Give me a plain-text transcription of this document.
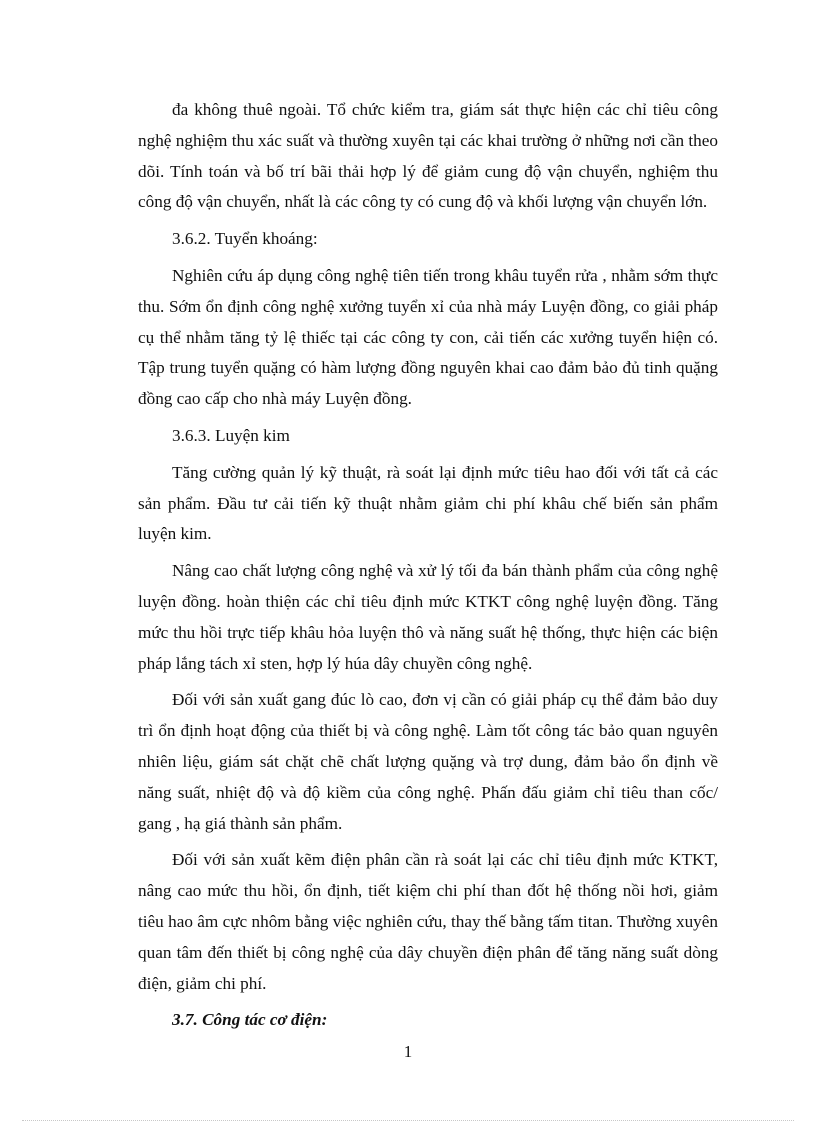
đa không thuê ngoài. Tổ chức kiểm tra, giám sát thực hiện các chỉ tiêu công nghệ nghiệm thu xác suất và thường xuyên tại các khai trường ở những nơi cần theo dõi. Tính toán và bố trí bãi thải hợp lý để giảm cung độ vận chuyển, nghiệm thu công độ vận chuyển, nhất là các công ty có cung độ và khối lượng vận chuyển lớn.

3.6.2. Tuyển khoáng:

Nghiên cứu áp dụng công nghệ tiên tiến trong khâu tuyển rửa , nhằm sớm thực thu. Sớm ổn định công nghệ xưởng tuyển xỉ của nhà máy Luyện đồng, co giải pháp cụ thể nhằm tăng tỷ lệ thiếc tại các công ty con, cải tiến các xưởng tuyển hiện có. Tập trung tuyển quặng có hàm lượng đồng nguyên khai cao đảm bảo đủ tinh quặng đồng cao cấp cho nhà máy Luyện đồng.

3.6.3. Luyện kim

Tăng cường quản lý kỹ thuật, rà soát lại định mức tiêu hao đối với tất cả các sản phẩm. Đầu tư cải tiến kỹ thuật nhằm giảm chi phí khâu chế biến sản phẩm luyện kim.

Nâng cao chất lượng công nghệ và xử lý tối đa bán thành phẩm của công nghệ luyện đồng. hoàn thiện các chỉ tiêu định mức KTKT công nghệ luyện đồng. Tăng mức thu hồi trực tiếp khâu hỏa luyện thô và năng suất hệ thống, thực hiện các biện pháp lắng tách xỉ sten, hợp lý húa dây chuyền công nghệ.

Đối với sản xuất gang đúc lò cao, đơn vị cần có giải pháp cụ thể đảm bảo duy trì ổn định hoạt động của thiết bị và công nghệ. Làm tốt công tác bảo quan nguyên nhiên liệu, giám sát chặt chẽ chất lượng quặng và trợ dung, đảm bảo ổn định về năng suất, nhiệt độ và độ kiềm của công nghệ. Phấn đấu giảm chỉ tiêu than cốc/ gang , hạ giá thành sản phẩm.

Đối với sản xuất kẽm điện phân cần rà soát lại các chỉ tiêu định mức KTKT, nâng cao mức thu hồi, ổn định, tiết kiệm chi phí than đốt hệ thống nồi hơi, giảm tiêu hao âm cực nhôm bằng việc nghiên cứu, thay thế bằng tấm titan. Thường xuyên quan tâm đến thiết bị công nghệ của dây chuyền điện phân để tăng năng suất dòng điện, giảm chi phí.

3.7. Công tác cơ điện:

1
